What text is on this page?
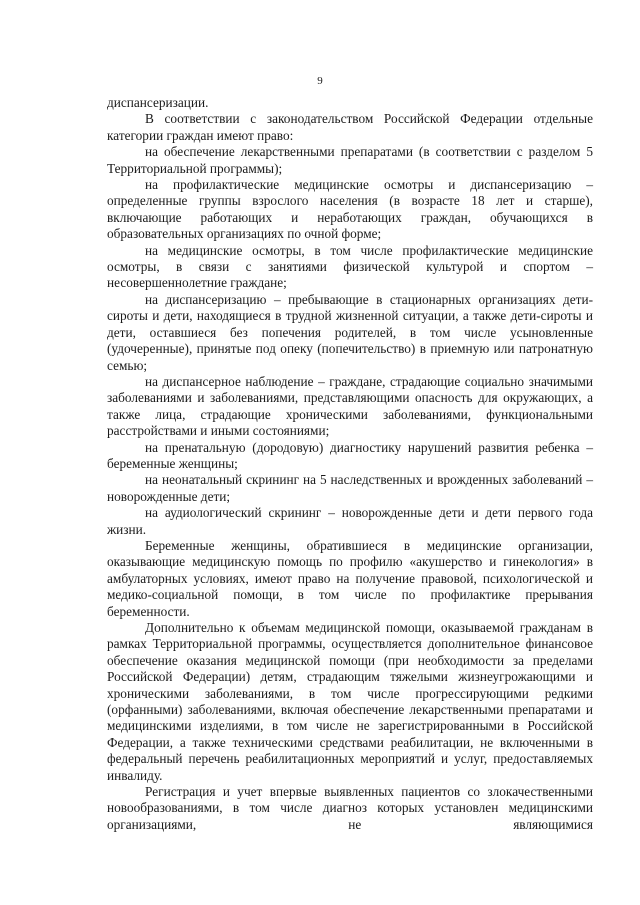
9

диспансеризации.

В соответствии с законодательством Российской Федерации отдельные категории граждан имеют право:

на обеспечение лекарственными препаратами (в соответствии с разделом 5 Территориальной программы);

на профилактические медицинские осмотры и диспансеризацию – определенные группы взрослого населения (в возрасте 18 лет и старше), включающие работающих и неработающих граждан, обучающихся в образовательных организациях по очной форме;

на медицинские осмотры, в том числе профилактические медицинские осмотры, в связи с занятиями физической культурой и спортом – несовершеннолетние граждане;

на диспансеризацию – пребывающие в стационарных организациях дети-сироты и дети, находящиеся в трудной жизненной ситуации, а также дети-сироты и дети, оставшиеся без попечения родителей, в том числе усыновленные (удочеренные), принятые под опеку (попечительство) в приемную или патронатную семью;

на диспансерное наблюдение – граждане, страдающие социально значимыми заболеваниями и заболеваниями, представляющими опасность для окружающих, а также лица, страдающие хроническими заболеваниями, функциональными расстройствами и иными состояниями;

на пренатальную (дородовую) диагностику нарушений развития ребенка – беременные женщины;

на неонатальный скрининг на 5 наследственных и врожденных заболеваний – новорожденные дети;

на аудиологический скрининг – новорожденные дети и дети первого года жизни.

Беременные женщины, обратившиеся в медицинские организации, оказывающие медицинскую помощь по профилю «акушерство и гинекология» в амбулаторных условиях, имеют право на получение правовой, психологической и медико-социальной помощи, в том числе по профилактике прерывания беременности.

Дополнительно к объемам медицинской помощи, оказываемой гражданам в рамках Территориальной программы, осуществляется дополнительное финансовое обеспечение оказания медицинской помощи (при необходимости за пределами Российской Федерации) детям, страдающим тяжелыми жизнеугрожающими и хроническими заболеваниями, в том числе прогрессирующими редкими (орфанными) заболеваниями, включая обеспечение лекарственными препаратами и медицинскими изделиями, в том числе не зарегистрированными в Российской Федерации, а также техническими средствами реабилитации, не включенными в федеральный перечень реабилитационных мероприятий и услуг, предоставляемых инвалиду.

Регистрация и учет впервые выявленных пациентов со злокачественными новообразованиями, в том числе диагноз которых установлен медицинскими организациями, не являющимися
